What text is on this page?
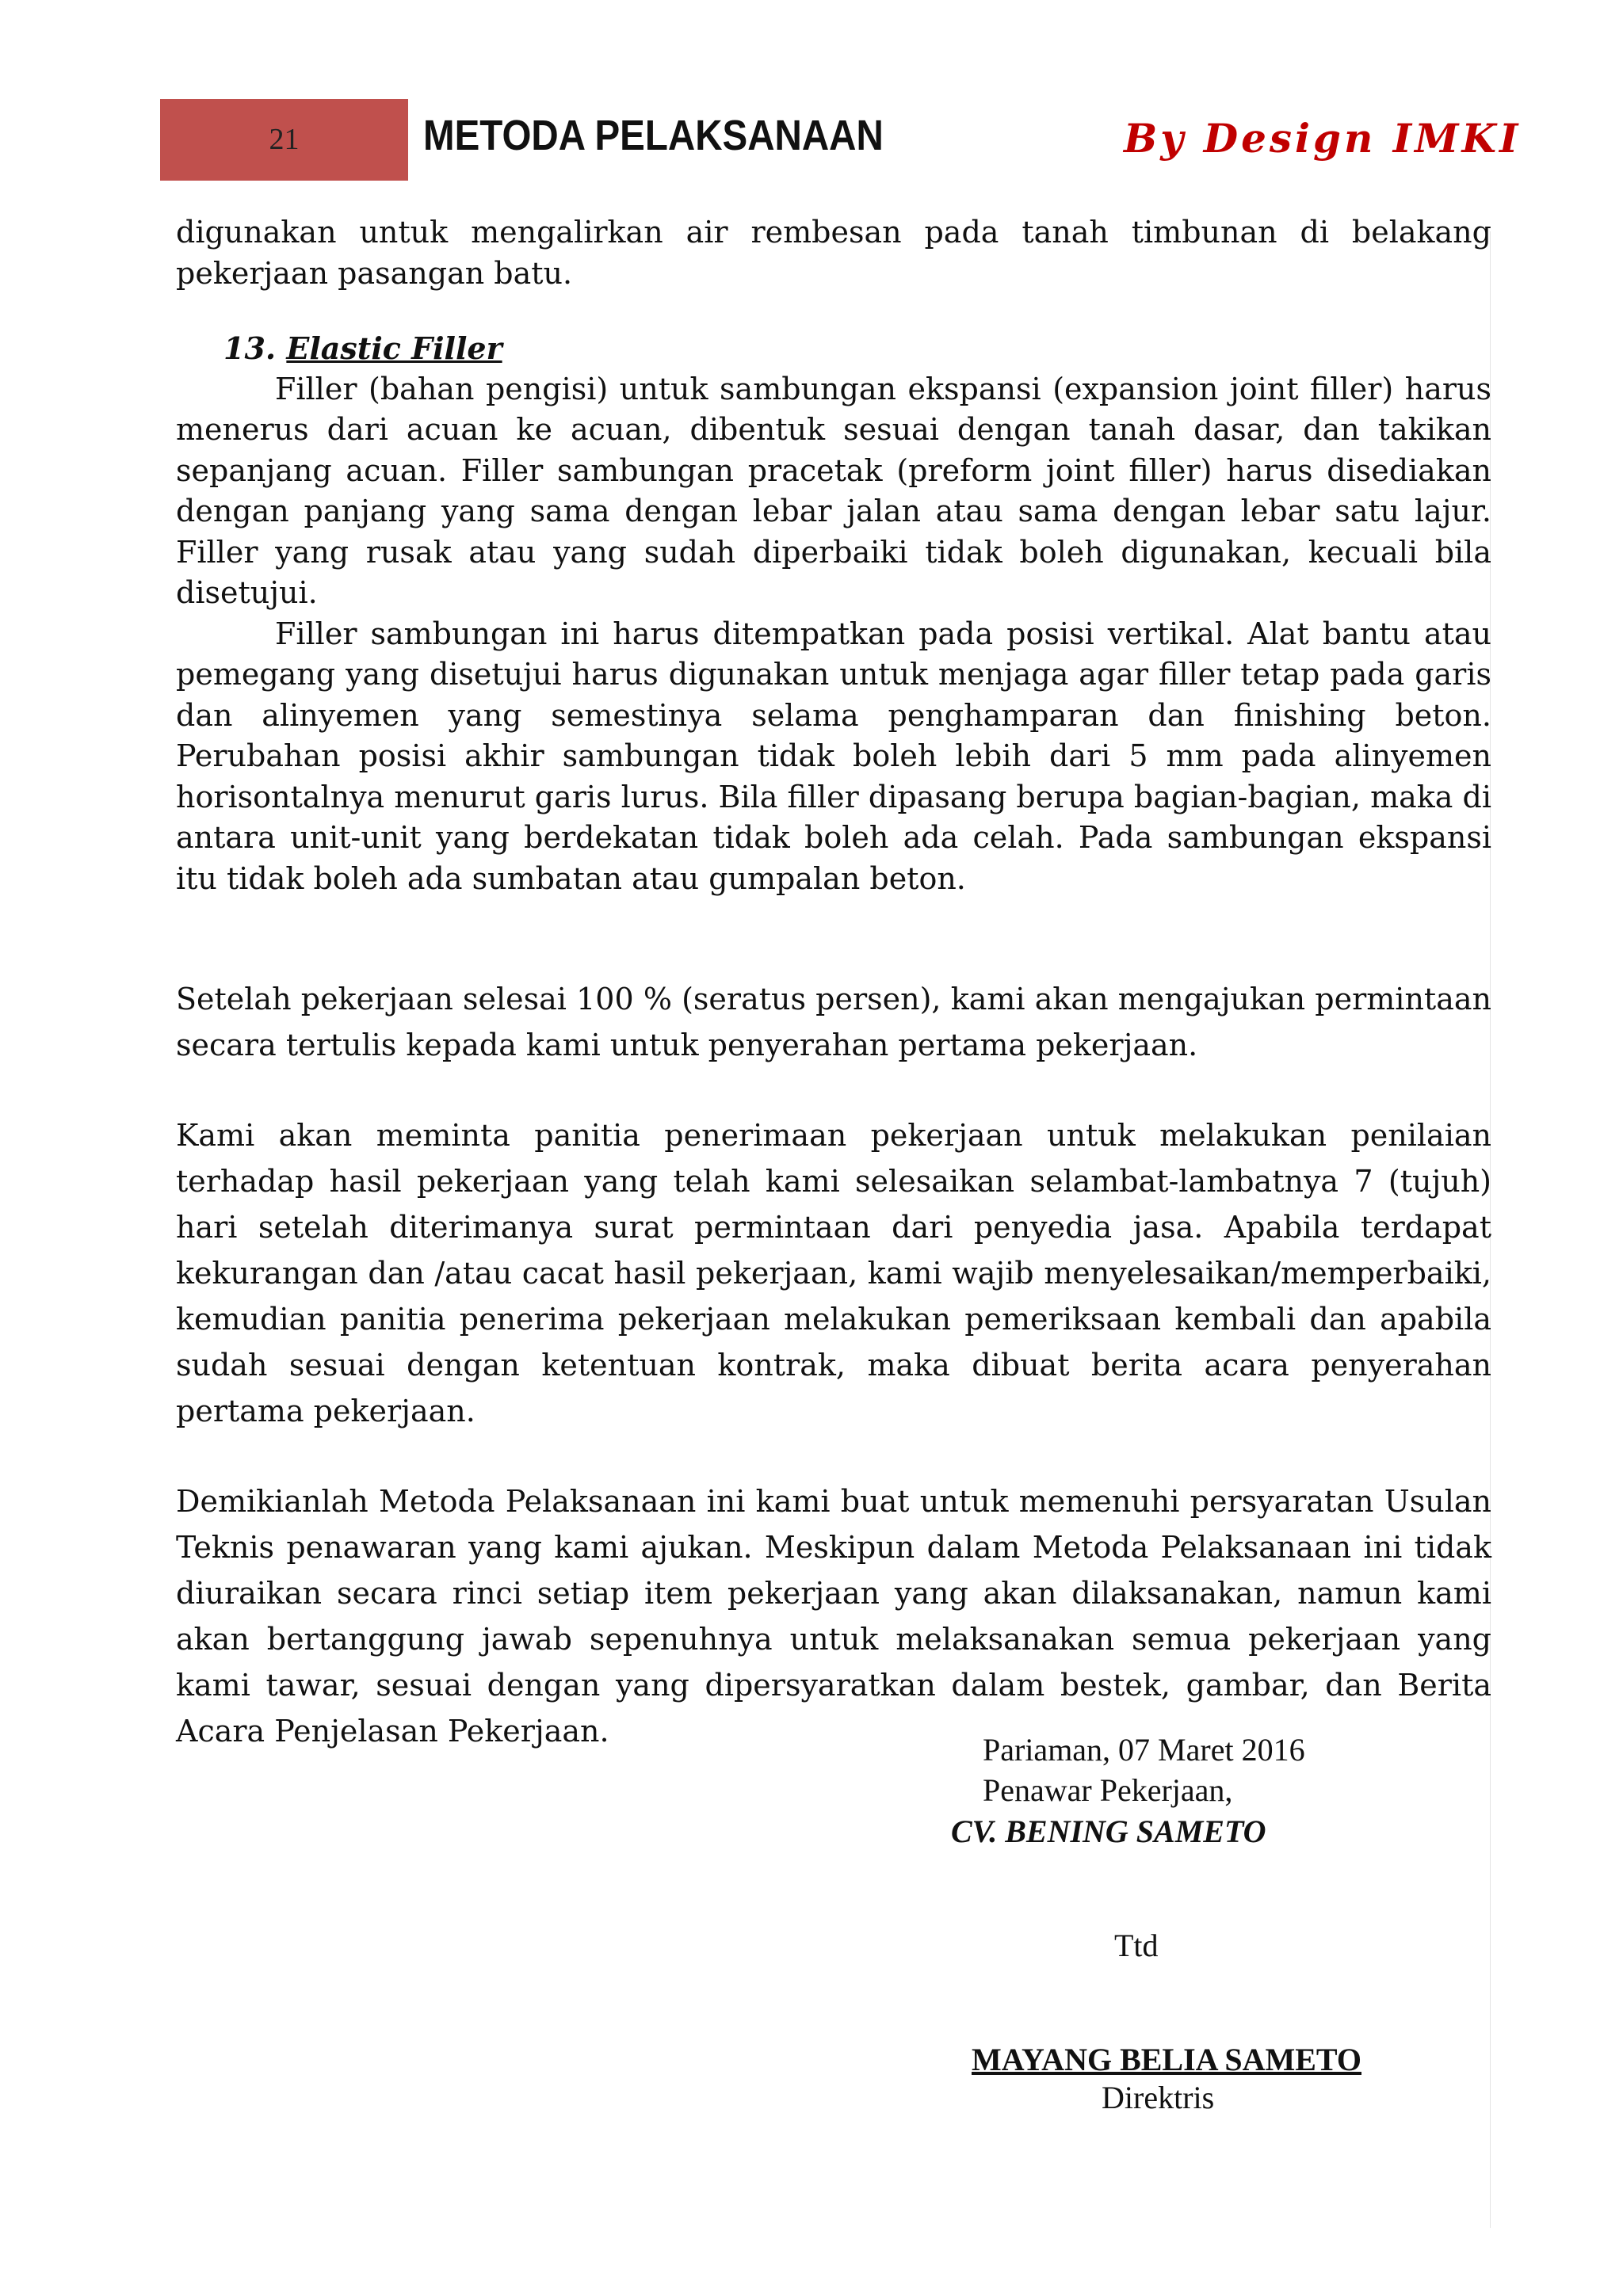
21	METODA PELAKSANAAN	By Design IMKI

digunakan untuk mengalirkan air rembesan pada tanah timbunan di belakang pekerjaan pasangan batu.

13. Elastic Filler

Filler (bahan pengisi) untuk sambungan ekspansi (expansion joint filler) harus menerus dari acuan ke acuan, dibentuk sesuai dengan tanah dasar, dan takikan sepanjang acuan. Filler sambungan pracetak (preform joint filler) harus disediakan dengan panjang yang sama dengan lebar jalan atau sama dengan lebar satu lajur. Filler yang rusak atau yang sudah diperbaiki tidak boleh digunakan, kecuali bila disetujui.

Filler sambungan ini harus ditempatkan pada posisi vertikal. Alat bantu atau pemegang yang disetujui harus digunakan untuk menjaga agar filler tetap pada garis dan alinyemen yang semestinya selama penghamparan dan finishing beton. Perubahan posisi akhir sambungan tidak boleh lebih dari 5 mm pada alinyemen horisontalnya menurut garis lurus. Bila filler dipasang berupa bagian-bagian, maka di antara unit-unit yang berdekatan tidak boleh ada celah. Pada sambungan ekspansi itu tidak boleh ada sumbatan atau gumpalan beton.

Setelah pekerjaan selesai 100 % (seratus persen), kami akan mengajukan permintaan secara tertulis kepada kami untuk penyerahan pertama pekerjaan.

Kami akan meminta panitia penerimaan pekerjaan untuk melakukan penilaian terhadap hasil pekerjaan yang telah kami selesaikan selambat-lambatnya 7 (tujuh) hari setelah diterimanya surat permintaan dari penyedia jasa. Apabila terdapat kekurangan dan /atau cacat hasil pekerjaan, kami wajib menyelesaikan/memperbaiki, kemudian panitia penerima pekerjaan melakukan pemeriksaan kembali dan apabila sudah sesuai dengan ketentuan kontrak, maka dibuat berita acara penyerahan pertama pekerjaan.

Demikianlah Metoda Pelaksanaan ini kami buat untuk memenuhi persyaratan Usulan Teknis penawaran yang kami ajukan. Meskipun dalam Metoda Pelaksanaan ini tidak diuraikan secara rinci setiap item pekerjaan yang akan dilaksanakan, namun kami akan bertanggung jawab sepenuhnya untuk melaksanakan semua pekerjaan yang kami tawar, sesuai dengan yang dipersyaratkan dalam bestek, gambar, dan Berita Acara Penjelasan Pekerjaan.

Pariaman, 07 Maret 2016
Penawar Pekerjaan,
CV. BENING SAMETO
Ttd
MAYANG BELIA SAMETO
Direktris
